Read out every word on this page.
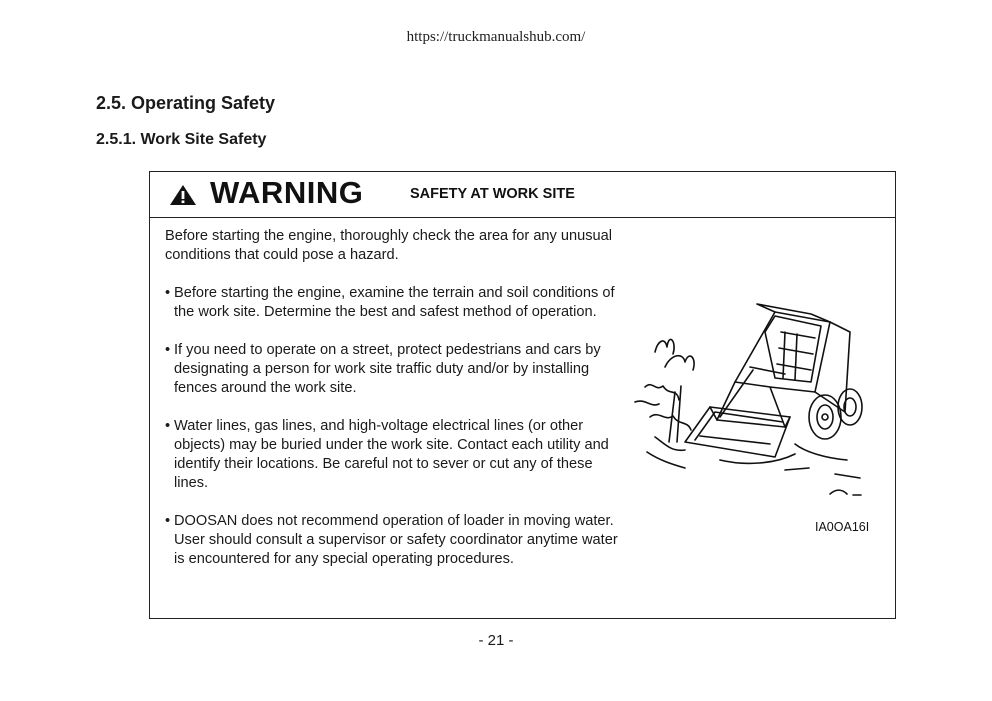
https://truckmanualshub.com/
2.5. Operating Safety
2.5.1. Work Site Safety
WARNING	SAFETY AT WORK SITE

Before starting the engine, thoroughly check the area for any unusual conditions that could pose a hazard.

• Before starting the engine, examine the terrain and soil conditions of the work site. Determine the best and safest method of operation.

• If you need to operate on a street, protect pedestrians and cars by designating a person for work site traffic duty and/or by installing fences around the work site.

• Water lines, gas lines, and high-voltage electrical lines (or other objects) may be buried under the work site. Contact each utility and identify their locations. Be careful not to sever or cut any of these lines.

• DOOSAN does not recommend operation of loader in moving water. User should consult a supervisor or safety coordinator anytime water is encountered for any special operating procedures.

IA0OA16I
- 21 -
